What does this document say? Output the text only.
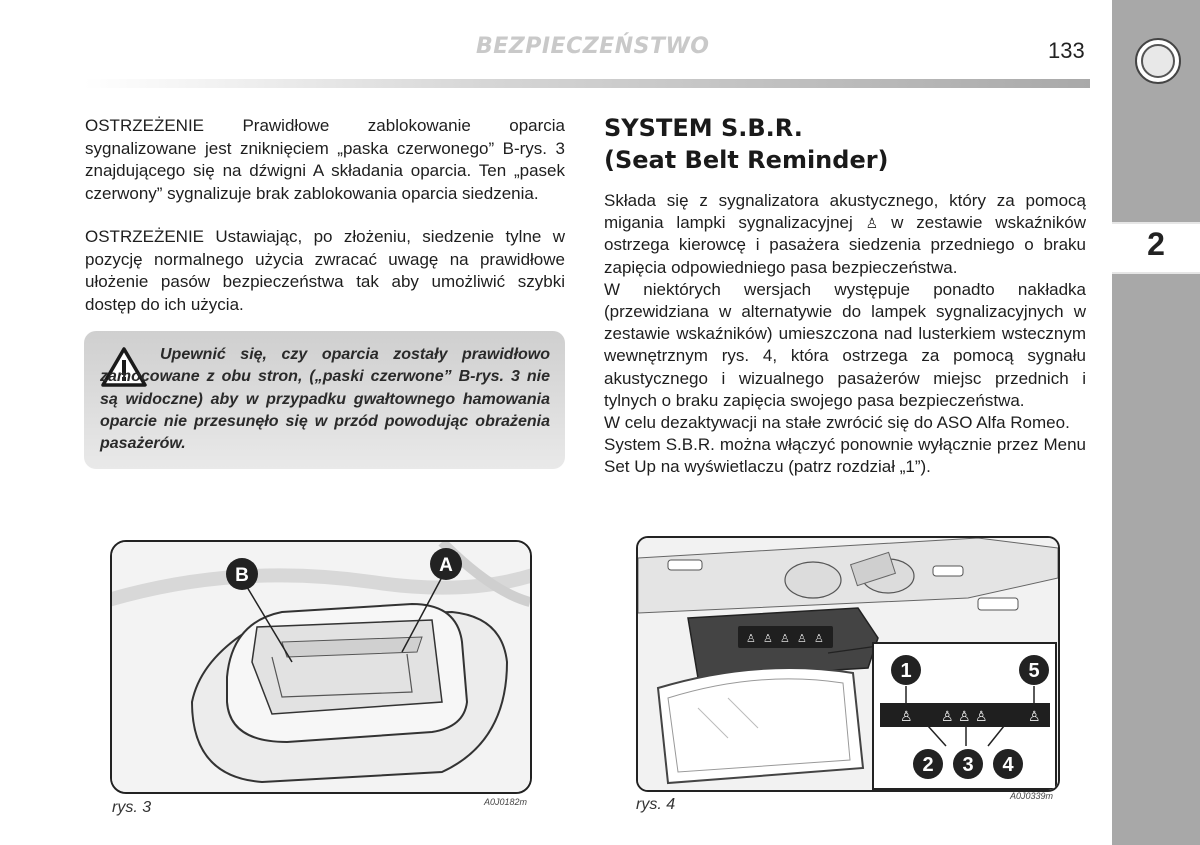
BEZPIECZEŃSTWO	133
2
OSTRZEŻENIE Prawidłowe zablokowanie oparcia sygnalizowane jest zniknięciem „paska czerwonego” B-rys. 3 znajdującego się na dźwigni A składania oparcia. Ten „pasek czerwony” sygnalizuje brak zablokowania oparcia siedzenia.
OSTRZEŻENIE Ustawiając, po złożeniu, siedzenie tylne w pozycję normalnego użycia zwracać uwagę na prawidłowe ułożenie pasów bezpieczeństwa tak aby umożliwić szybki dostęp do ich użycia.
Upewnić się, czy oparcia zostały prawidłowo zamocowane z obu stron, („paski czerwone” B-rys. 3 nie są widoczne) aby w przypadku gwałtownego hamowania oparcie nie przesunęło się w przód powodując obrażenia pasażerów.
SYSTEM S.B.R.
(Seat Belt Reminder)
Składa się z sygnalizatora akustycznego, który za pomocą migania lampki sygnalizacyjnej ♙ w zestawie wskaźników ostrzega kierowcę i pasażera siedzenia przedniego o braku zapięcia odpowiedniego pasa bezpieczeństwa.
W niektórych wersjach występuje ponadto nakładka (przewidziana w alternatywie do lampek sygnalizacyjnych w zestawie wskaźników) umieszczona nad lusterkiem wstecznym wewnętrznym rys. 4, która ostrzega za pomocą sygnału akustycznego i wizualnego pasażerów miejsc przednich i tylnych o braku zapięcia swojego pasa bezpieczeństwa.
W celu dezaktywacji na stałe zwrócić się do ASO Alfa Romeo.
System S.B.R. można włączyć ponownie wyłącznie przez Menu Set Up na wyświetlaczu (patrz rozdział „1”).
B	A
rys. 3	A0J0182m
♙ ♙ ♙ ♙ ♙
♙ ♙ ♙ ♙	♙
1	5
2 3 4
rys. 4	A0J0339m
